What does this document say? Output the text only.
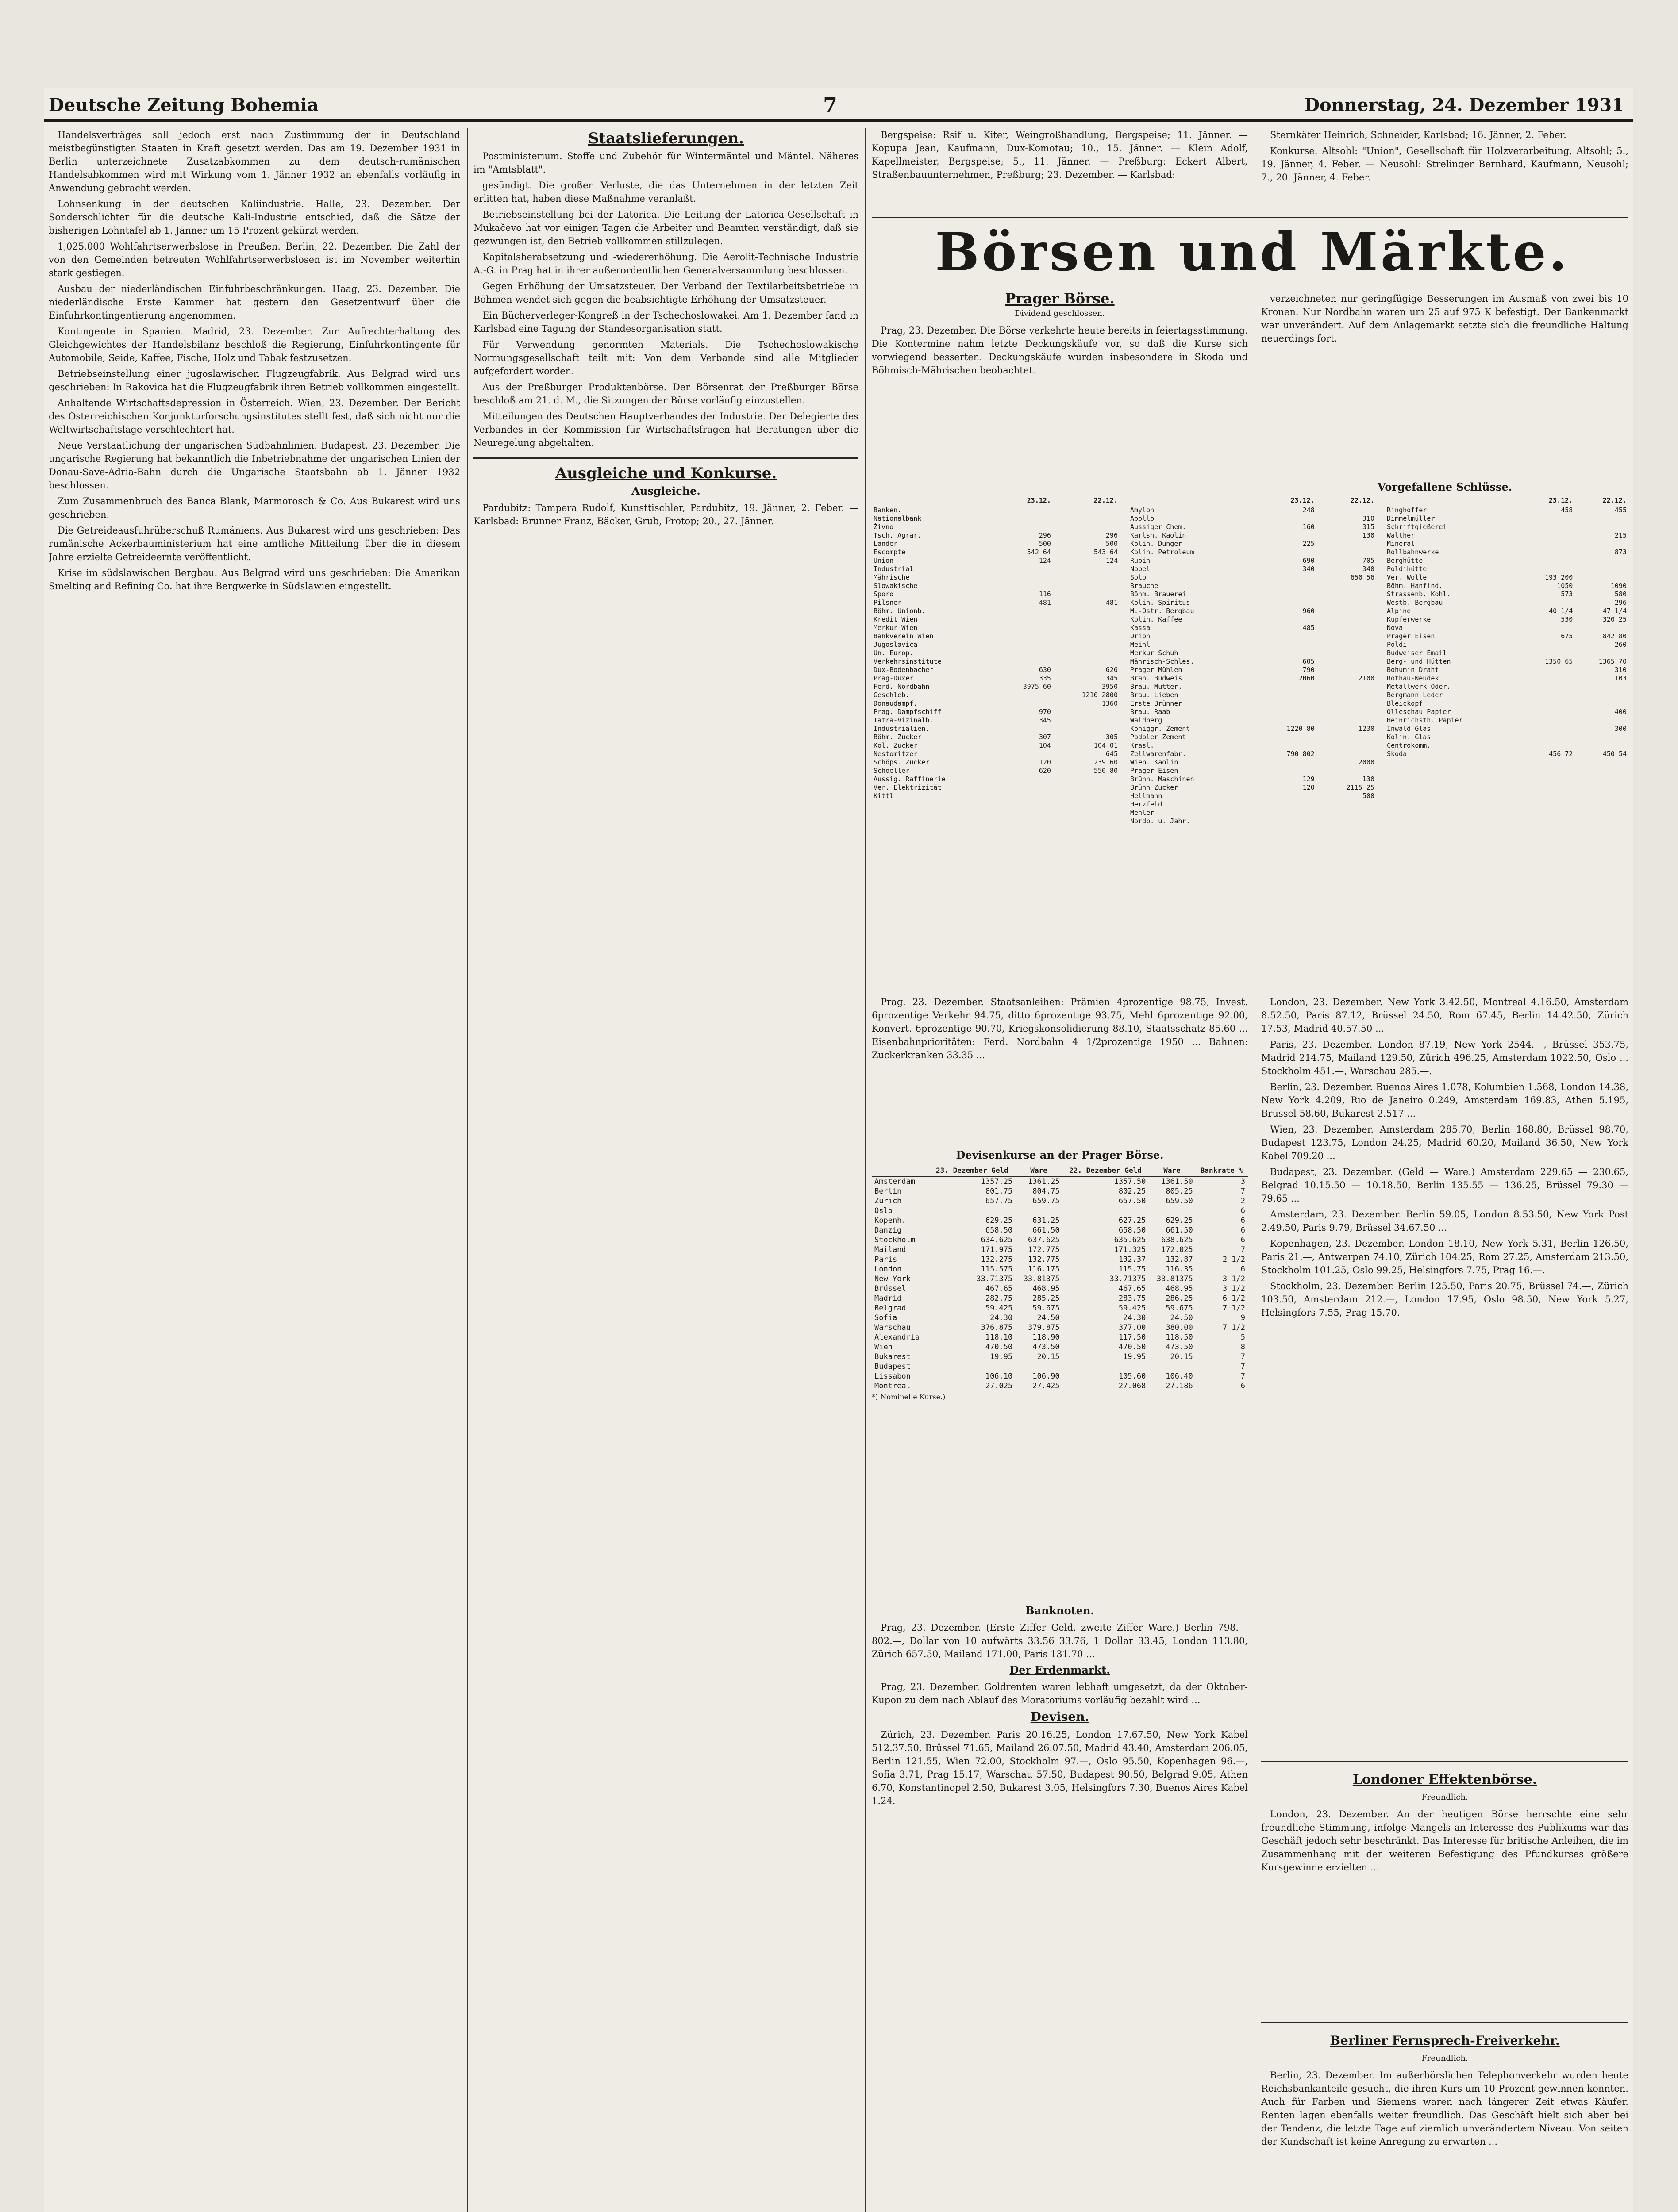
Deutsche Zeitung Bohemia	7	Donnerstag, 24. Dezember 1931

Handelsverträges soll jedoch erst nach Zustimmung der in Deutschland meistbegünstigten Staaten in Kraft gesetzt werden. Das am 19. Dezember 1931 in Berlin unterzeichnete Zusatzabkommen zu dem deutsch-rumänischen Handelsabkommen wird mit Wirkung vom 1. Jänner 1932 an ebenfalls vorläufig in Anwendung gebracht werden.

Lohnsenkung in der deutschen Kaliindustrie. Halle, 23. Dezember. Der Sonderschlichter für die deutsche Kali-Industrie entschied, daß die Sätze der bisherigen Lohntafel ab 1. Jänner um 15 Prozent gekürzt werden.

1,025.000 Wohlfahrtserwerbslose in Preußen. Berlin, 22. Dezember. Die Zahl der von den Gemeinden betreuten Wohlfahrtserwerbslosen ist im November weiterhin stark gestiegen.

Ausbau der niederländischen Einfuhrbeschränkungen. Haag, 23. Dezember. Die niederländische Erste Kammer hat gestern den Gesetzentwurf über die Einfuhrkontingentierung angenommen.

Kontingente in Spanien. Madrid, 23. Dezember. Zur Aufrechterhaltung des Gleichgewichtes der Handelsbilanz beschloß die Regierung, Einfuhrkontingente für Automobile, Seide, Kaffee, Fische, Holz und Tabak festzusetzen.

Betriebseinstellung einer jugoslawischen Flugzeugfabrik. Aus Belgrad wird uns geschrieben: In Rakovica hat die Flugzeugfabrik ihren Betrieb vollkommen eingestellt.

Anhaltende Wirtschaftsdepression in Österreich. Wien, 23. Dezember. Der Bericht des Österreichischen Konjunkturforschungsinstitutes stellt fest, daß sich nicht nur die Weltwirtschaftslage verschlechtert hat.

Neue Verstaatlichung der ungarischen Südbahnlinien. Budapest, 23. Dezember. Die ungarische Regierung hat bekanntlich die Inbetriebnahme der ungarischen Linien der Donau-Save-Adria-Bahn durch die Ungarische Staatsbahn ab 1. Jänner 1932 beschlossen.

Zum Zusammenbruch des Banca Blank, Marmorosch & Co. Aus Bukarest wird uns geschrieben.

Die Getreideausfuhrüberschuß Rumäniens. Aus Bukarest wird uns geschrieben: Das rumänische Ackerbauministerium hat eine amtliche Mitteilung über die in diesem Jahre erzielte Getreideernte veröffentlicht.

Krise im südslawischen Bergbau. Aus Belgrad wird uns geschrieben: Die Amerikan Smelting and Refining Co. hat ihre Bergwerke in Südslawien eingestellt.

Staatslieferungen.

Postministerium. Stoffe und Zubehör für Wintermäntel und Mäntel. Näheres im "Amtsblatt".

gesündigt. Die großen Verluste, die das Unternehmen in der letzten Zeit erlitten hat, haben diese Maßnahme veranlaßt.

Betriebseinstellung bei der Latorica. Die Leitung der Latorica-Gesellschaft in Mukačevo hat vor einigen Tagen die Arbeiter und Beamten verständigt, daß sie gezwungen ist, den Betrieb vollkommen stillzulegen.

Kapitalsherabsetzung und -wiedererhöhung. Die Aerolit-Technische Industrie A.-G. in Prag hat in ihrer außerordentlichen Generalversammlung beschlossen.

Gegen Erhöhung der Umsatzsteuer. Der Verband der Textilarbeitsbetriebe in Böhmen wendet sich gegen die beabsichtigte Erhöhung der Umsatzsteuer.

Ein Bücherverleger-Kongreß in der Tschechoslowakei. Am 1. Dezember fand in Karlsbad eine Tagung der Standesorganisation statt.

Für Verwendung genormten Materials. Die Tschechoslowakische Normungsgesellschaft teilt mit: Von dem Verbande sind alle Mitglieder aufgefordert worden.

Aus der Preßburger Produktenbörse. Der Börsenrat der Preßburger Börse beschloß am 21. d. M., die Sitzungen der Börse vorläufig einzustellen.

Mitteilungen des Deutschen Hauptverbandes der Industrie. Der Delegierte des Verbandes in der Kommission für Wirtschaftsfragen hat Beratungen über die Neuregelung abgehalten.

Ausgleiche und Konkurse.
Ausgleiche.

Pardubitz: Tampera Rudolf, Kunsttischler, Pardubitz, 19. Jänner, 2. Feber. — Karlsbad: Brunner Franz, Bäcker, Grub, Protop; 20., 27. Jänner.

Bergspeise: Rsif u. Kiter, Weingroßhandlung, Bergspeise; 11. Jänner. — Kopupa Jean, Kaufmann, Dux-Komotau; 10., 15. Jänner. — Klein Adolf, Kapellmeister, Bergspeise; 5., 11. Jänner. — Preßburg: Eckert Albert, Straßenbauunternehmen, Preßburg; 23. Dezember. — Karlsbad:

Sternkäfer Heinrich, Schneider, Karlsbad; 16. Jänner, 2. Feber.

Konkurse. Altsohl: "Union", Gesellschaft für Holzverarbeitung, Altsohl; 5., 19. Jänner, 4. Feber. — Neusohl: Strelinger Bernhard, Kaufmann, Neusohl; 7., 20. Jänner, 4. Feber.

Börsen und Märkte.
Prager Börse.
Dividend geschlossen.

Prag, 23. Dezember. Die Börse verkehrte heute bereits in feiertagsstimmung. Die Kontermine nahm letzte Deckungskäufe vor, so daß die Kurse sich vorwiegend besserten. Deckungskäufe wurden insbesondere in Skoda und Böhmisch-Mährischen beobachtet.

verzeichneten nur geringfügige Besserungen im Ausmaß von zwei bis 10 Kronen. Nur Nordbahn waren um 25 auf 975 K befestigt. Der Bankenmarkt war unverändert. Auf dem Anlagemarkt setzte sich die freundliche Haltung neuerdings fort.

Vorgefallene Schlüsse.
	23.12.	22.12.
Banken.		
Nationalbank		
Živno		
Tsch. Agrar.	296	296
Länder	500	500
Escompte	542 64	543 64
Union	124	124
Industrial		
Mährische		
Slowakische		
Sporo	116	
Pilsner	481	481
Böhm. Unionb.		
Kredit Wien		
Merkur Wien		
Bankverein Wien		
Jugoslavica		
Un. Europ.		
Verkehrsinstitute		
Dux-Bodenbacher	630	626
Prag-Duxer	335	345
Ferd. Nordbahn	3975 60	3950
Geschleb.		1210 2800
Donaudampf.		1360
Prag. Dampfschiff	970	
Tatra-Vizinalb.	345	
Industrialien.		
Böhm. Zucker	307	305
Kol. Zucker	104	104 01
Nestomitzer		645
Schöps. Zucker	120	239 60
Schoeller	620	550 80
Aussig. Raffinerie		
Ver. Elektrizität		
Kittl		
	23.12.	22.12.
Amylon	248	
Apollo		310
Aussiger Chem.	160	315
Karlsh. Kaolin		130
Kolin. Dünger	225	
Kolin. Petroleum		
Rubin	690	705
Nobel	340	340
Solo		650 56
Brauche		
Böhm. Brauerei		
Kolin. Spiritus		
M.-Ostr. Bergbau	960	
Kolin. Kaffee		
Kassa	485	
Orion		
Meinl		
Merkur Schuh		
Mährisch-Schles.	605	
Prager Mühlen	790	
Bran. Budweis	2060	2100
Brau. Mutter.		
Brau. Lieben		
Erste Brünner		
Brau. Raab		
Waldberg		
Königgr. Zement	1220 80	1230
Podoler Zement		
Krasl.		
Zellwarenfabr.	790 802	
Wieb. Kaolin		2000
Prager Eisen		
Brünn. Maschinen	129	130
Brünn Zucker	120	2115 25
Hellmann		500
Herzfeld		
Mehler		
Nordb. u. Jahr.		
	23.12.	22.12.
Ringhoffer	458	455
Dimmelmüller		
Schriftgießerei		
Walther		215
Mineral		
Rollbahnwerke		873
Berghütte		
Poldihütte		
Ver. Wolle	193 200	
Böhm. Hanfind.	1050	1090
Strassenb. Kohl.	573	580
Westb. Bergbau		296
Alpine	40 1/4	47 1/4
Kupferwerke	530	320 25
Nova		
Prager Eisen	675	842 80
Poldi		260
Budweiser Email		
Berg- und Hütten	1350 65	1365 70
Bohumin Draht		310
Rothau-Neudek		103
Metallwerk Oder.		
Bergmann Leder		
Bleickopf		
Olleschau Papier		400
Heinrichsth. Papier		
Inwald Glas		300
Kolin. Glas		
Centrokomm.		
Skoda	456 72	450 54

Prag, 23. Dezember. Staatsanleihen: Prämien 4prozentige 98.75, Invest. 6prozentige Verkehr 94.75, ditto 6prozentige 93.75, Mehl 6prozentige 92.00, Konvert. 6prozentige 90.70, Kriegskonsolidierung 88.10, Staatsschatz 85.60 ... Eisenbahnprioritäten: Ferd. Nordbahn 4 1/2prozentige 1950 ... Bahnen: Zuckerkranken 33.35 ...

Devisenkurse an der Prager Börse.
	23. Dezember Geld	Ware	22. Dezember Geld	Ware	Bankrate %
Amsterdam	1357.25	1361.25	1357.50	1361.50	3
Berlin	801.75	804.75	802.25	805.25	7
Zürich	657.75	659.75	657.50	659.50	2
Oslo					6
Kopenh.	629.25	631.25	627.25	629.25	6
Danzig	658.50	661.50	658.50	661.50	6
Stockholm	634.625	637.625	635.625	638.625	6
Mailand	171.975	172.775	171.325	172.025	7
Paris	132.275	132.775	132.37	132.87	2 1/2
London	115.575	116.175	115.75	116.35	6
New York	33.71375	33.81375	33.71375	33.81375	3 1/2
Brüssel	467.65	468.95	467.65	468.95	3 1/2
Madrid	282.75	285.25	283.75	286.25	6 1/2
Belgrad	59.425	59.675	59.425	59.675	7 1/2
Sofia	24.30	24.50	24.30	24.50	9
Warschau	376.875	379.875	377.00	380.00	7 1/2
Alexandria	118.10	118.90	117.50	118.50	5
Wien	470.50	473.50	470.50	473.50	8
Bukarest	19.95	20.15	19.95	20.15	7
Budapest					7
Lissabon	106.10	106.90	105.60	106.40	7
Montreal	27.025	27.425	27.068	27.186	6
*) Nominelle Kurse.)
Banknoten.

Prag, 23. Dezember. (Erste Ziffer Geld, zweite Ziffer Ware.) Berlin 798.— 802.—, Dollar von 10 aufwärts 33.56 33.76, 1 Dollar 33.45, London 113.80, Zürich 657.50, Mailand 171.00, Paris 131.70 ...

Der Erdenmarkt.

Prag, 23. Dezember. Goldrenten waren lebhaft umgesetzt, da der Oktober-Kupon zu dem nach Ablauf des Moratoriums vorläufig bezahlt wird ...

Devisen.

Zürich, 23. Dezember. Paris 20.16.25, London 17.67.50, New York Kabel 512.37.50, Brüssel 71.65, Mailand 26.07.50, Madrid 43.40, Amsterdam 206.05, Berlin 121.55, Wien 72.00, Stockholm 97.—, Oslo 95.50, Kopenhagen 96.—, Sofia 3.71, Prag 15.17, Warschau 57.50, Budapest 90.50, Belgrad 9.05, Athen 6.70, Konstantinopel 2.50, Bukarest 3.05, Helsingfors 7.30, Buenos Aires Kabel 1.24.

London, 23. Dezember. New York 3.42.50, Montreal 4.16.50, Amsterdam 8.52.50, Paris 87.12, Brüssel 24.50, Rom 67.45, Berlin 14.42.50, Zürich 17.53, Madrid 40.57.50 ...

Paris, 23. Dezember. London 87.19, New York 2544.—, Brüssel 353.75, Madrid 214.75, Mailand 129.50, Zürich 496.25, Amsterdam 1022.50, Oslo ... Stockholm 451.—, Warschau 285.—.

Berlin, 23. Dezember. Buenos Aires 1.078, Kolumbien 1.568, London 14.38, New York 4.209, Rio de Janeiro 0.249, Amsterdam 169.83, Athen 5.195, Brüssel 58.60, Bukarest 2.517 ...

Wien, 23. Dezember. Amsterdam 285.70, Berlin 168.80, Brüssel 98.70, Budapest 123.75, London 24.25, Madrid 60.20, Mailand 36.50, New York Kabel 709.20 ...

Budapest, 23. Dezember. (Geld — Ware.) Amsterdam 229.65 — 230.65, Belgrad 10.15.50 — 10.18.50, Berlin 135.55 — 136.25, Brüssel 79.30 — 79.65 ...

Amsterdam, 23. Dezember. Berlin 59.05, London 8.53.50, New York Post 2.49.50, Paris 9.79, Brüssel 34.67.50 ...

Kopenhagen, 23. Dezember. London 18.10, New York 5.31, Berlin 126.50, Paris 21.—, Antwerpen 74.10, Zürich 104.25, Rom 27.25, Amsterdam 213.50, Stockholm 101.25, Oslo 99.25, Helsingfors 7.75, Prag 16.—.

Stockholm, 23. Dezember. Berlin 125.50, Paris 20.75, Brüssel 74.—, Zürich 103.50, Amsterdam 212.—, London 17.95, Oslo 98.50, New York 5.27, Helsingfors 7.55, Prag 15.70.

Londoner Effektenbörse.
Freundlich.

London, 23. Dezember. An der heutigen Börse herrschte eine sehr freundliche Stimmung, infolge Mangels an Interesse des Publikums war das Geschäft jedoch sehr beschränkt. Das Interesse für britische Anleihen, die im Zusammenhang mit der weiteren Befestigung des Pfundkurses größere Kursgewinne erzielten ...

Berliner Fernsprech-Freiverkehr.
Freundlich.

Berlin, 23. Dezember. Im außerbörslichen Telephonverkehr wurden heute Reichsbankanteile gesucht, die ihren Kurs um 10 Prozent gewinnen konnten. Auch für Farben und Siemens waren nach längerer Zeit etwas Käufer. Renten lagen ebenfalls weiter freundlich. Das Geschäft hielt sich aber bei der Tendenz, die letzte Tage auf ziemlich unverändertem Niveau. Von seiten der Kundschaft ist keine Anregung zu erwarten ...
